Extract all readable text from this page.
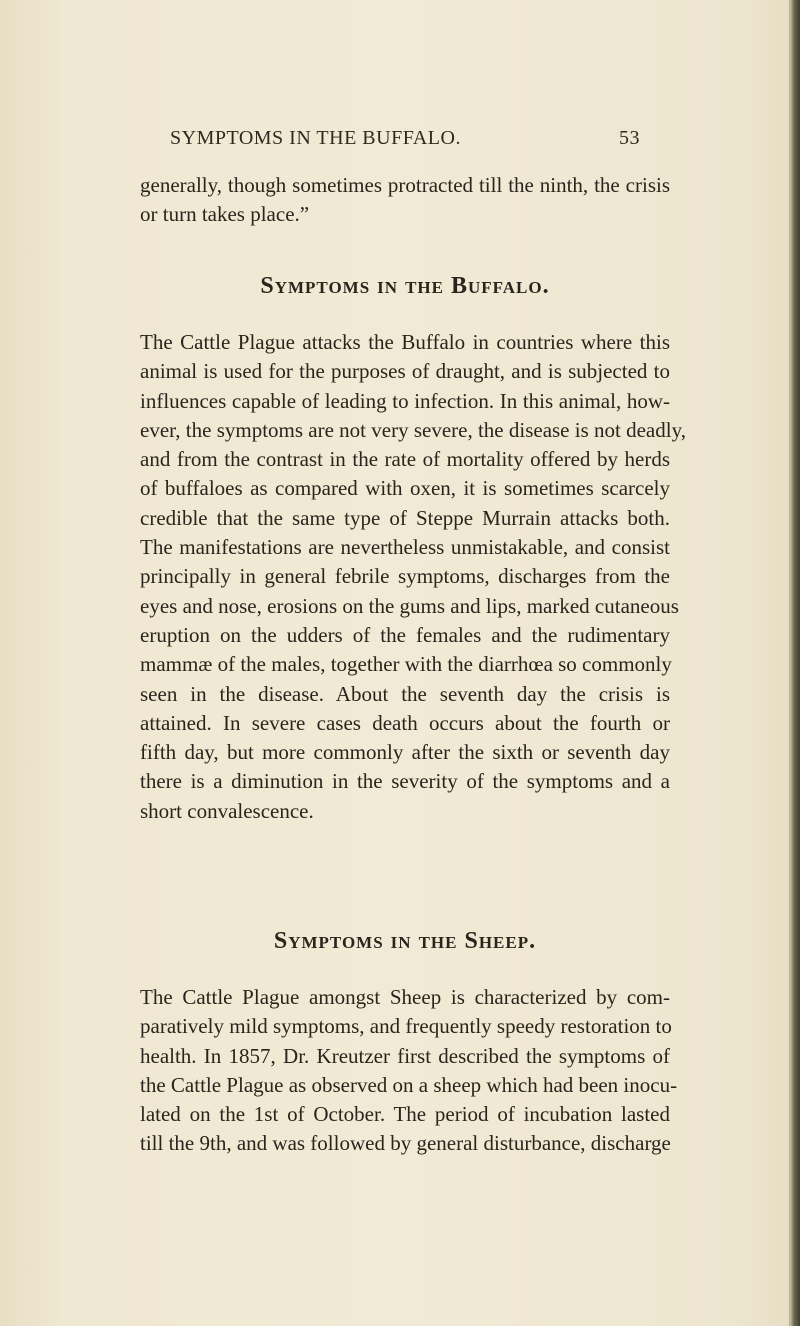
SYMPTOMS IN THE BUFFALO.	53
generally, though sometimes protracted till the ninth, the crisis
or turn takes place.”
Symptoms in the Buffalo.
The Cattle Plague attacks the Buffalo in countries where this
animal is used for the purposes of draught, and is subjected to
influences capable of leading to infection. In this animal, how-
ever, the symptoms are not very severe, the disease is not deadly,
and from the contrast in the rate of mortality offered by herds
of buffaloes as compared with oxen, it is sometimes scarcely
credible that the same type of Steppe Murrain attacks both.
The manifestations are nevertheless unmistakable, and consist
principally in general febrile symptoms, discharges from the
eyes and nose, erosions on the gums and lips, marked cutaneous
eruption on the udders of the females and the rudimentary
mammæ of the males, together with the diarrhœa so commonly
seen in the disease. About the seventh day the crisis is
attained. In severe cases death occurs about the fourth or
fifth day, but more commonly after the sixth or seventh day
there is a diminution in the severity of the symptoms and a
short convalescence.
Symptoms in the Sheep.
The Cattle Plague amongst Sheep is characterized by com-
paratively mild symptoms, and frequently speedy restoration to
health. In 1857, Dr. Kreutzer first described the symptoms of
the Cattle Plague as observed on a sheep which had been inocu-
lated on the 1st of October. The period of incubation lasted
till the 9th, and was followed by general disturbance, discharge
